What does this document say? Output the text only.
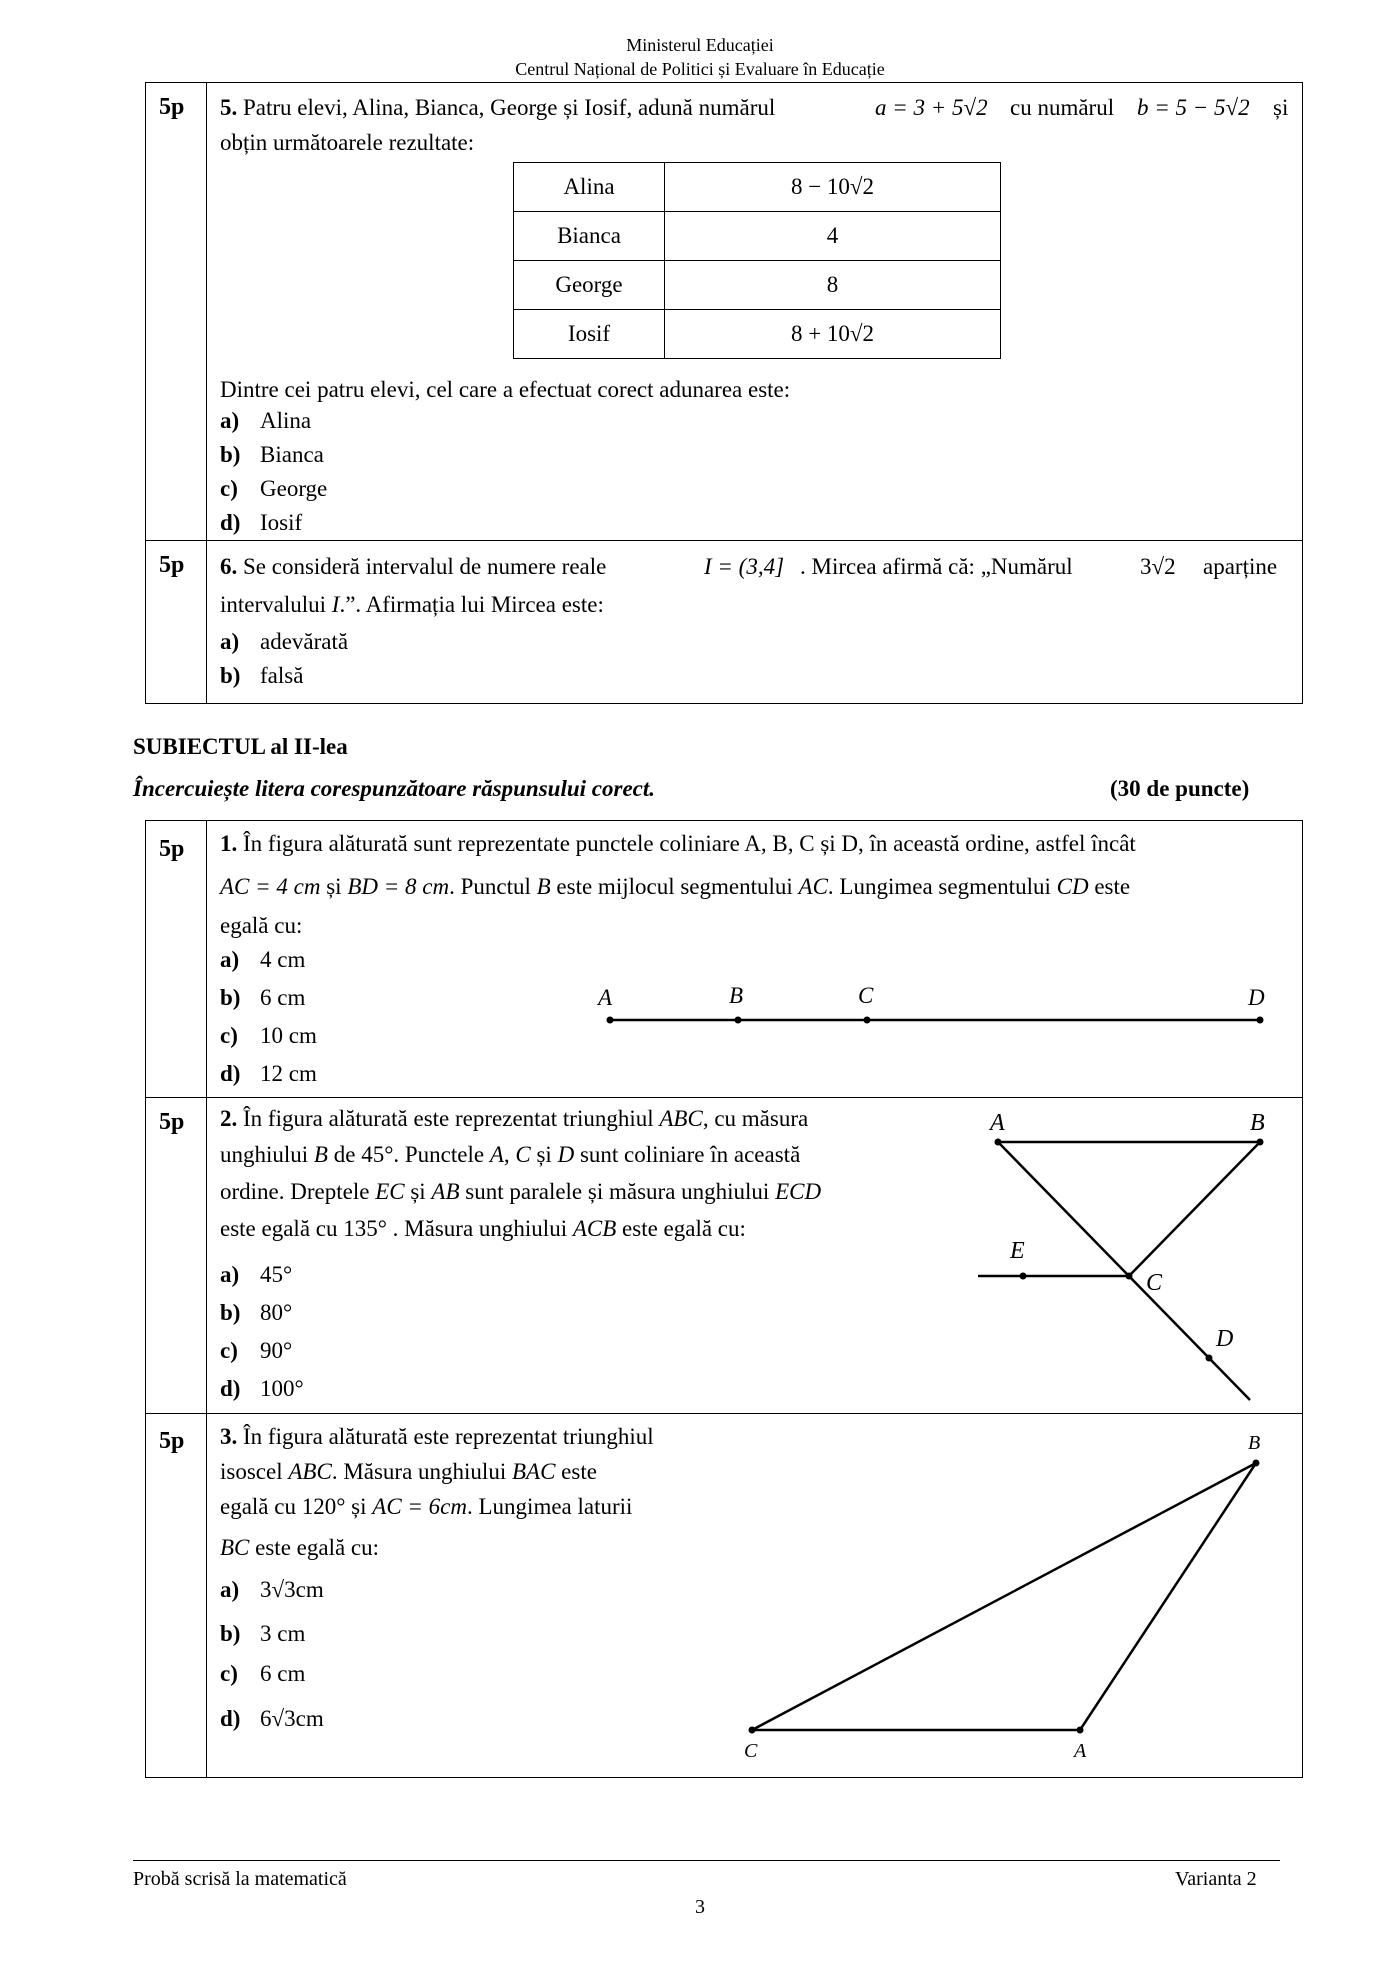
Ministerul Educației
Centrul Național de Politici și Evaluare în Educație
5p 5. Patru elevi, Alina, Bianca, George și Iosif, adună numărul	a = 3 + 5√2 cu numărul b = 5 − 5√2 și
obțin următoarele rezultate:
Alina	8 − 10√2
Bianca	4
George	8
Iosif	8 + 10√2
Dintre cei patru elevi, cel care a efectuat corect adunarea este:
a) Alina
b) Bianca
c) George
d) Iosif
5p 6. Se consideră intervalul de numere reale	I = (3,4] . Mircea afirmă că: „Numărul	3√2 aparține
intervalului I.”. Afirmația lui Mircea este:
a) adevărată
b) falsă
SUBIECTUL al II-lea
Încercuiește litera corespunzătoare răspunsului corect.	(30 de puncte)
5p 1. În figura alăturată sunt reprezentate punctele coliniare A, B, C și D, în această ordine, astfel încât
AC = 4 cm și BD = 8 cm. Punctul B este mijlocul segmentului AC. Lungimea segmentului CD este
egală cu:
a) 4 cm
b) 6 cm
c) 10 cm
d) 12 cm
A	B	C	D
5p 2. În figura alăturată este reprezentat triunghiul ABC, cu măsura
unghiului B de 45°. Punctele A, C și D sunt coliniare în această
ordine. Dreptele EC și AB sunt paralele și măsura unghiului ECD
este egală cu 135° . Măsura unghiului ACB este egală cu:
a) 45°
b) 80°
c) 90°
d) 100°
A	B
E
C
D
5p 3. În figura alăturată este reprezentat triunghiul
isoscel ABC. Măsura unghiului BAC este
egală cu 120° și AC = 6cm. Lungimea laturii
BC este egală cu:
a) 3√3cm
b) 3 cm
c) 6 cm
d) 6√3cm
B
C	A
Probă scrisă la matematică	Varianta 2
3
